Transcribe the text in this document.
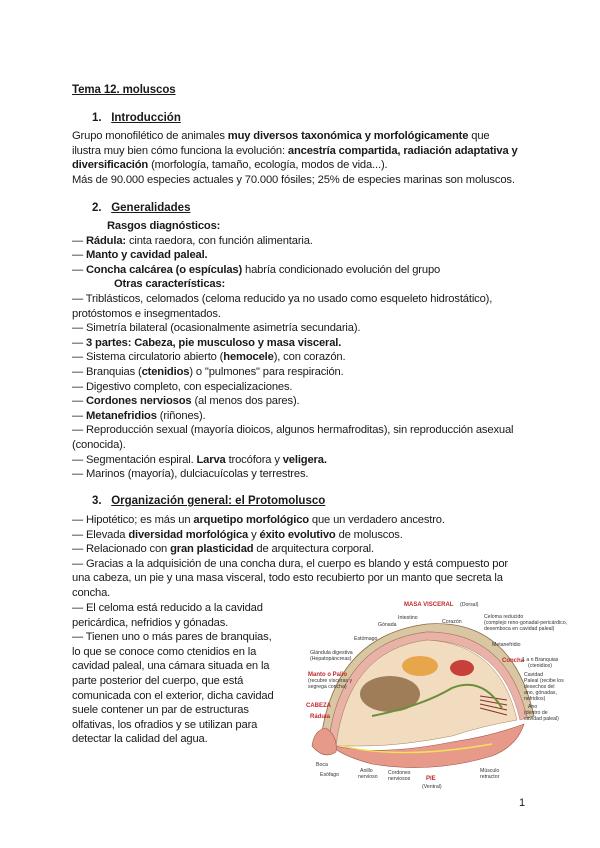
Tema 12. moluscos
1. Introducción
Grupo monofilético de animales muy diversos taxonómica y morfológicamente que
ilustra muy bien cómo funciona la evolución: ancestría compartida, radiación adaptativa y
diversificación (morfología, tamaño, ecología, modos de vida...).
Más de 90.000 especies actuales y 70.000 fósiles; 25% de especies marinas son moluscos.
2. Generalidades
Rasgos diagnósticos:
— Rádula: cinta raedora, con función alimentaria.
— Manto y cavidad paleal.
— Concha calcárea (o espículas) habría condicionado evolución del grupo
Otras características:
— Triblásticos, celomados (celoma reducido ya no usado como esqueleto hidrostático),
protóstomos e insegmentados.
— Simetría bilateral (ocasionalmente asimetría secundaria).
— 3 partes: Cabeza, pie musculoso y masa visceral.
— Sistema circulatorio abierto (hemocele), con corazón.
— Branquias (ctenidios) o "pulmones" para respiración.
— Digestivo completo, con especializaciones.
— Cordones nerviosos (al menos dos pares).
— Metanefridios (riñones).
— Reproducción sexual (mayoría dioicos, algunos hermafroditas), sin reproducción asexual
(conocida).
— Segmentación espiral. Larva trocófora y veligera.
— Marinos (mayoría), dulciacuícolas y terrestres.
3. Organización general: el Protomolusco
— Hipotético; es más un arquetipo morfológico que un verdadero ancestro.
— Elevada diversidad morfológica y éxito evolutivo de moluscos.
— Relacionado con gran plasticidad de arquitectura corporal.
— Gracias a la adquisición de una concha dura, el cuerpo es blando y está compuesto por
una cabeza, un pie y una masa visceral, todo esto recubierto por un manto que secreta la
concha.
— El celoma está reducido a la cavidad
pericárdica, nefridios y gónadas.
— Tienen uno o más pares de branquias,
lo que se conoce como ctenidios en la
cavidad paleal, una cámara situada en la
parte posterior del cuerpo, que está
comunicada con el exterior, dicha cavidad
suele contener un par de estructuras
olfativas, los ofradios y se utilizan para
detectar la calidad del agua.
MASA VISCERAL (Dorsal)
Intestino
Corazón
Gónada
Celoma reducido
(complejo reno-gonadal-pericárdico,
desemboca en cavidad paleal)
Estómago
Metanefridio
Glándula digestiva
(Hepatopáncreas)	Concha
1 a n Branquias
(ctenidios)
Cavidad
Paleal (recibe los
desechos del
ano, gónadas,
nefridios)
Ano
(dentro de
cavidad paleal)
Manto o Palio
(recubre vísceras y
segrega concha)
CABEZA
Rádula
Boca
Esófago
Anillo
nervioso
Cordones
nerviosos	PIE
(Ventral)
Músculo
retractor
1
